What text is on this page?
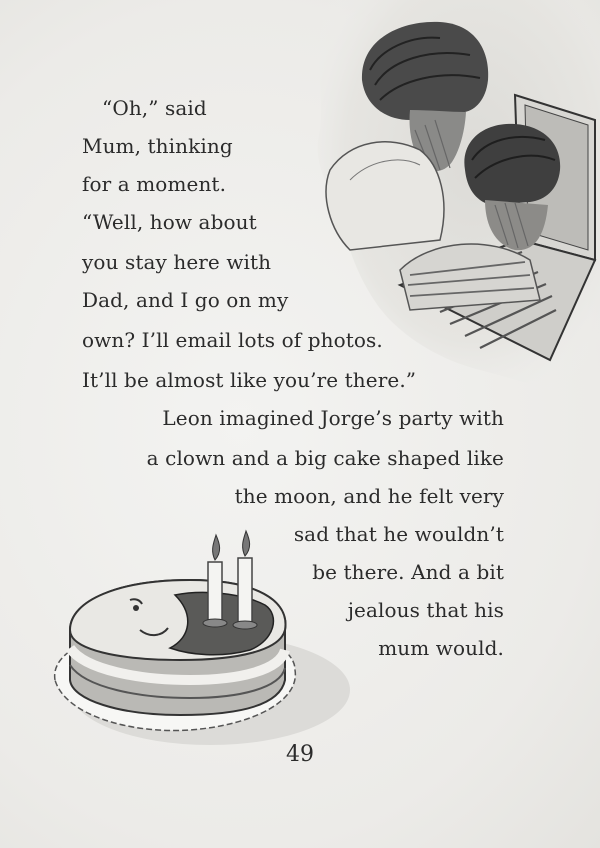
“Oh,” said
Mum, thinking
for a moment.
“Well, how about
you stay here with
Dad, and I go on my
own? I’ll email lots of photos.
It’ll be almost like you’re there.”
Leon imagined Jorge’s party with
a clown and a big cake shaped like
the moon, and he felt very
sad that he wouldn’t
be there. And a bit
jealous that his
mum would.
49
